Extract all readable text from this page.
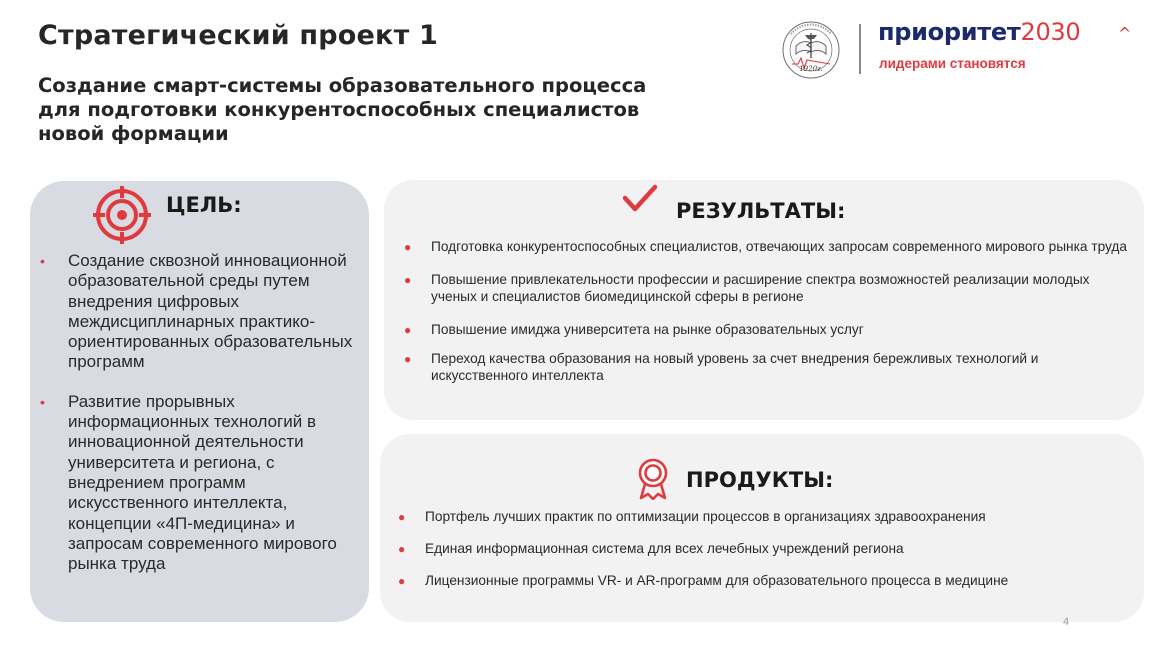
Стратегический проект 1
Создание смарт-системы образовательного процесса для подготовки конкурентоспособных специалистов новой формации
1920г.
приоритет2030 ^
лидерами становятся
ЦЕЛЬ:
• Создание сквозной инновационной образовательной среды путем внедрения цифровых междисциплинарных практико-ориентированных образовательных программ
• Развитие прорывных информационных технологий в инновационной деятельности университета и региона, с внедрением программ искусственного интеллекта, концепции «4П-медицина» и запросам современного мирового рынка труда
РЕЗУЛЬТАТЫ:
● Подготовка конкурентоспособных специалистов, отвечающих запросам современного мирового рынка труда
● Повышение привлекательности профессии и расширение спектра возможностей реализации молодых ученых и специалистов биомедицинской сферы в регионе
● Повышение имиджа университета на рынке образовательных услуг
● Переход качества образования на новый уровень за счет внедрения бережливых технологий и искусственного интеллекта
ПРОДУКТЫ:
● Портфель лучших практик по оптимизации процессов в организациях здравоохранения
● Единая информационная система для всех лечебных учреждений региона
● Лицензионные программы VR- и AR-программ для образовательного процесса в медицине
4
